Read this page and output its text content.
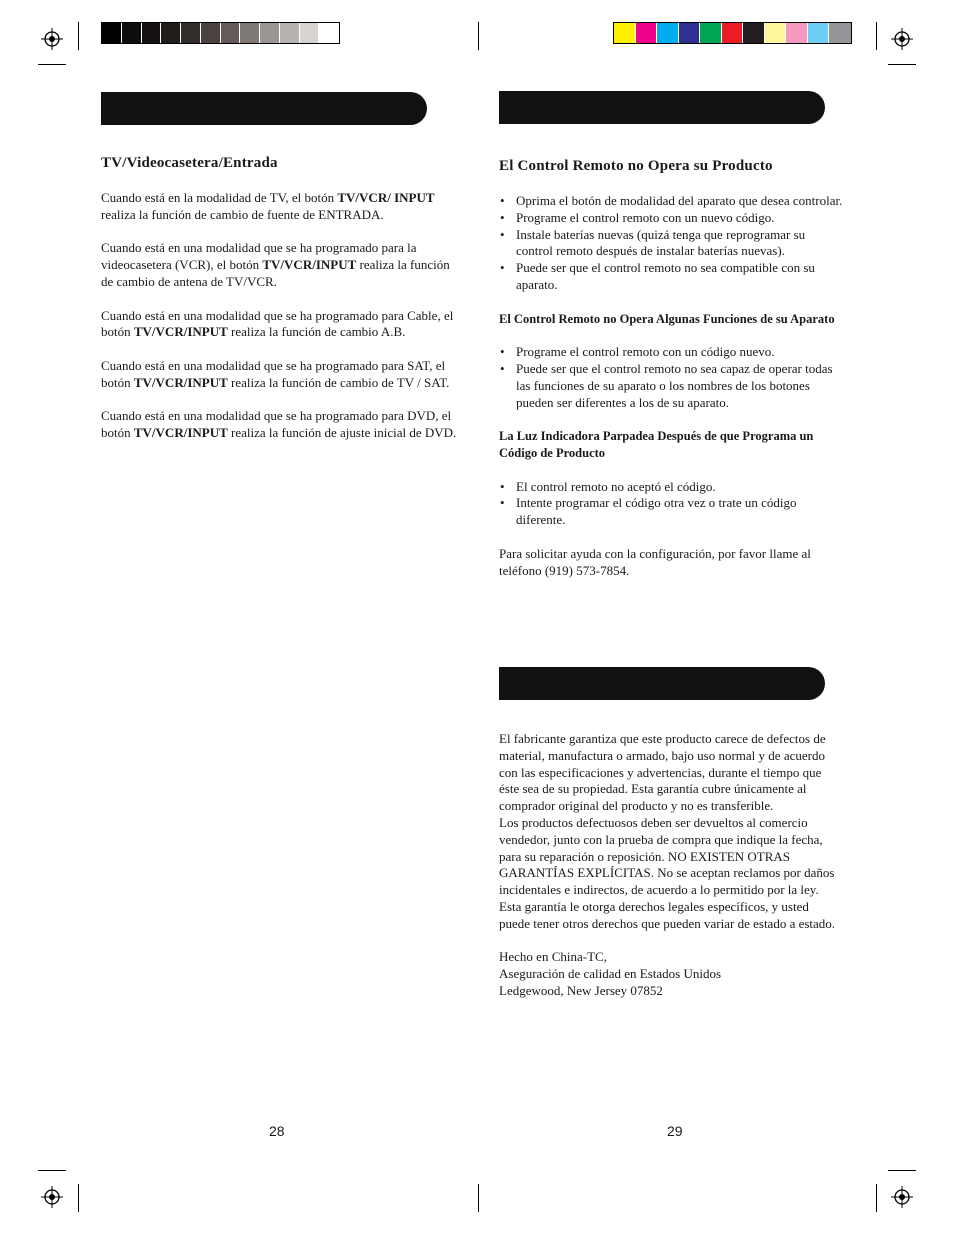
TV/Videocasetera/Entrada

Cuando está en la modalidad de TV, el botón TV/VCR/ INPUT realiza la función de cambio de fuente de ENTRADA.

Cuando está en una modalidad que se ha programado para la videocasetera (VCR), el botón TV/VCR/INPUT realiza la función de cambio de antena de TV/VCR.

Cuando está en una modalidad que se ha programado para Cable, el botón TV/VCR/INPUT realiza la función de cambio A.B.

Cuando está en una modalidad que se ha programado para SAT, el botón TV/VCR/INPUT realiza la función de cambio de TV / SAT.

Cuando está en una modalidad que se ha programado para DVD, el botón TV/VCR/INPUT realiza la función de ajuste inicial de DVD.

El Control Remoto no Opera su Producto

• Oprima el botón de modalidad del aparato que desea controlar.
• Programe el control remoto con un nuevo código.
• Instale baterías nuevas (quizá tenga que reprogramar su control remoto después de instalar baterías nuevas).
• Puede ser que el control remoto no sea compatible con su aparato.

El Control Remoto no Opera Algunas Funciones de su Aparato

• Programe el control remoto con un código nuevo.
• Puede ser que el control remoto no sea capaz de operar todas las funciones de su aparato o los nombres de los botones pueden ser diferentes a los de su aparato.

La Luz Indicadora Parpadea Después de que Programa un Código de Producto

• El control remoto no aceptó el código.
• Intente programar el código otra vez o trate un código diferente.

Para solicitar ayuda con la configuración, por favor llame al teléfono (919) 573-7854.

El fabricante garantiza que este producto carece de defectos de material, manufactura o armado, bajo uso normal y de acuerdo con las especificaciones y advertencias, durante el tiempo que éste sea de su propiedad. Esta garantía cubre únicamente al comprador original del producto y no es transferible.

Los productos defectuosos deben ser devueltos al comercio vendedor, junto con la prueba de compra que indique la fecha, para su reparación o reposición. NO EXISTEN OTRAS GARANTÍAS EXPLÍCITAS. No se aceptan reclamos por daños incidentales e indirectos, de acuerdo a lo permitido por la ley. Esta garantía le otorga derechos legales específicos, y usted puede tener otros derechos que pueden variar de estado a estado.

Hecho en China-TC,

Aseguración de calidad en Estados Unidos

Ledgewood, New Jersey 07852

28	29
